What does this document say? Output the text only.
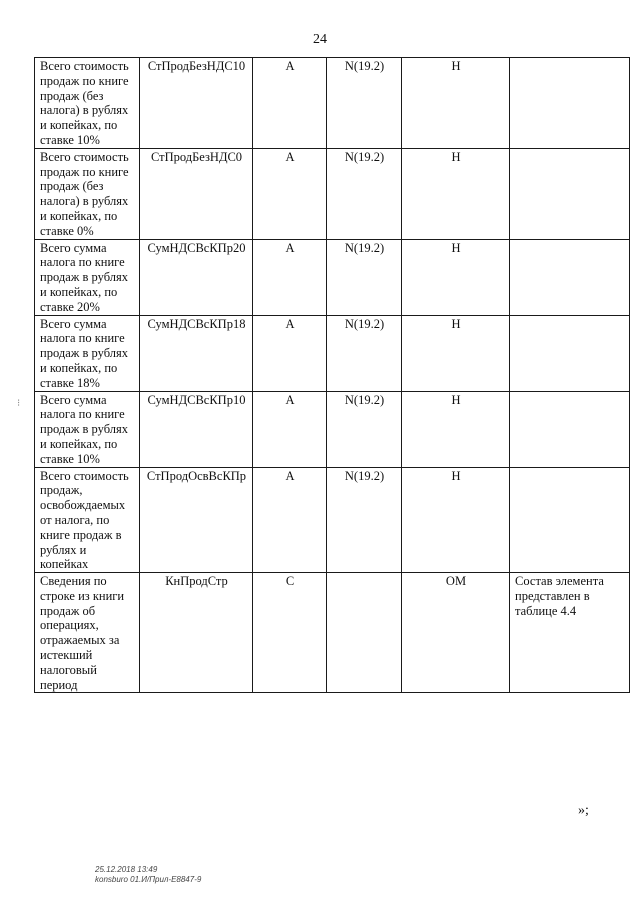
24
⁝
Всего стоимость продаж по книге продаж (без налога) в рублях и копейках, по ставке 10%	СтПродБезНДС10	А	N(19.2)	Н	
Всего стоимость продаж по книге продаж (без налога) в рублях и копейках, по ставке 0%	СтПродБезНДС0	А	N(19.2)	Н	
Всего сумма налога по книге продаж в рублях и копейках, по ставке 20%	СумНДСВсКПр20	А	N(19.2)	Н	
Всего сумма налога по книге продаж в рублях и копейках, по ставке 18%	СумНДСВсКПр18	А	N(19.2)	Н	
Всего сумма налога по книге продаж в рублях и копейках, по ставке 10%	СумНДСВсКПр10	А	N(19.2)	Н	
Всего стоимость продаж, освобождаемых от налога, по книге продаж в рублях и копейках	СтПродОсвВсКПр	А	N(19.2)	Н	
Сведения по строке из книги продаж об операциях, отражаемых за истекший налоговый период	КнПродСтр	С		ОМ	Состав элемента представлен в таблице 4.4
»;
25.12.2018 13:49
konsburo 01.И/Прил-Е8847-9
